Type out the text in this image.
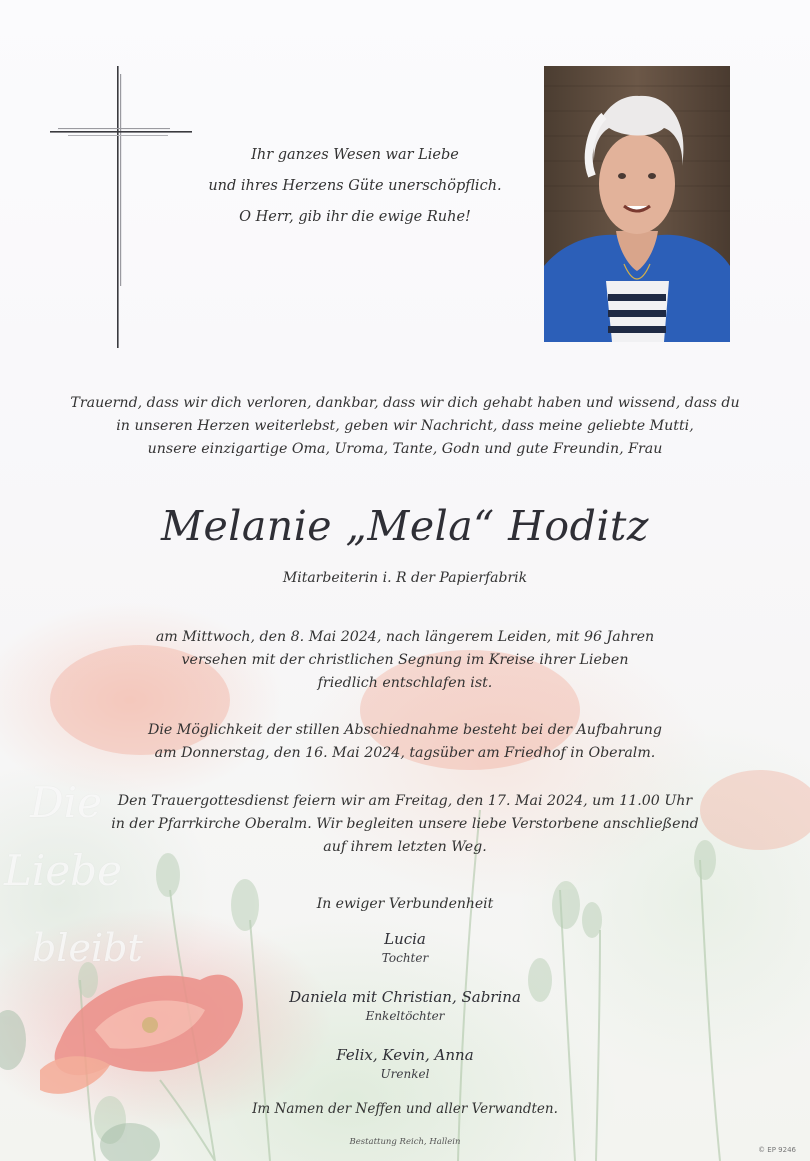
Die
Liebe
bleibt
Ihr ganzes Wesen war Liebe
und ihres Herzens Güte unerschöpflich.
O Herr, gib ihr die ewige Ruhe!
Trauernd, dass wir dich verloren, dankbar, dass wir dich gehabt haben und wissend, dass du
in unseren Herzen weiterlebst, geben wir Nachricht, dass meine geliebte Mutti,
unsere einzigartige Oma, Uroma, Tante, Godn und gute Freundin, Frau
Melanie „Mela“ Hoditz
Mitarbeiterin i. R der Papierfabrik
am Mittwoch, den 8. Mai 2024, nach längerem Leiden, mit 96 Jahren
versehen mit der christlichen Segnung im Kreise ihrer Lieben
friedlich entschlafen ist.
Die Möglichkeit der stillen Abschiednahme besteht bei der Aufbahrung
am Donnerstag, den 16. Mai 2024, tagsüber am Friedhof in Oberalm.
Den Trauergottesdienst feiern wir am Freitag, den 17. Mai 2024, um 11.00 Uhr
in der Pfarrkirche Oberalm. Wir begleiten unsere liebe Verstorbene anschließend
auf ihrem letzten Weg.
In ewiger Verbundenheit
Lucia
Tochter
Daniela mit Christian, Sabrina
Enkeltöchter
Felix, Kevin, Anna
Urenkel
Im Namen der Neffen und aller Verwandten.
Bestattung Reich, Hallein
© EP 9246
